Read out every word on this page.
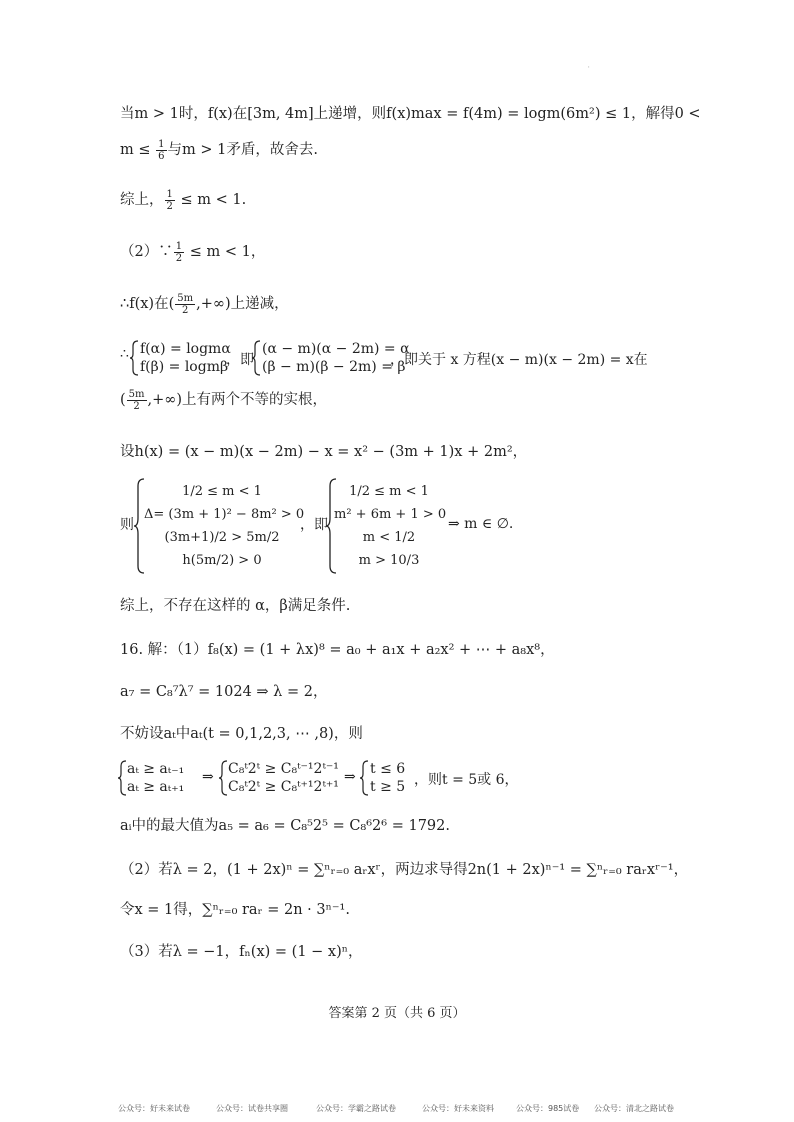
'
当m > 1时，f(x)在[3m, 4m]上递增，则f(x)max = f(4m) = logm(6m²) ≤ 1，解得0 <
$m \le \frac{1}{6}$ 与m > 1矛盾，故舍去.
综上， $\frac{1}{2} \le m < 1$.
（2）∵ $\frac{1}{2} \le m < 1$，
∴f(x)在( $\frac{5m}{2}$ ,+∞)上递减，
∴ f(α) = logmα
f(β) = logmβ
，即
(α − m)(α − 2m) = α
(β − m)(β − 2m) = β
，即关于 x 方程(x − m)(x − 2m) = x在
( $\frac{5m}{2}$ ,+∞)上有两个不等的实根，
设h(x) = (x − m)(x − 2m) − x = x² − (3m + 1)x + 2m²，
则
1/2 ≤ m < 1
Δ= (3m + 1)² − 8m² > 0
(3m+1)/2 > 5m/2
h(5m/2) > 0
，即
1/2 ≤ m < 1
m² + 6m + 1 > 0
m < 1/2
m > 10/3
⇒ m ∈ ∅.
综上，不存在这样的 α，β满足条件.
16. 解：（1）f₈(x) = (1 + λx)⁸ = a₀ + a₁x + a₂x² + ⋯ + a₈x⁸，
a₇ = C₈⁷λ⁷ = 1024 ⇒ λ = 2，
不妨设aₜ中aₜ(t = 0,1,2,3, ⋯ ,8)，则
aₜ ≥ aₜ₋₁
aₜ ≥ aₜ₊₁
⇒ C₈ᵗ2ᵗ ≥ C₈ᵗ⁻¹2ᵗ⁻¹
C₈ᵗ2ᵗ ≥ C₈ᵗ⁺¹2ᵗ⁺¹
⇒ t ≤ 6
t ≥ 5 ，则t = 5或 6，
aᵢ中的最大值为a₅ = a₆ = C₈⁵2⁵ = C₈⁶2⁶ = 1792.
（2）若λ = 2，(1 + 2x)ⁿ = ∑ⁿᵣ₌₀ aᵣxʳ，两边求导得2n(1 + 2x)ⁿ⁻¹ = ∑ⁿᵣ₌₀ raᵣxʳ⁻¹，
令x = 1得，∑ⁿᵣ₌₀ raᵣ = 2n · 3ⁿ⁻¹.
（3）若λ = −1，fₙ(x) = (1 − x)ⁿ，
答案第 2 页（共 6 页）
公众号：好未来试卷	公众号：试卷共享圈	公众号：学霸之路试卷	公众号：好未来资料	公众号：985试卷 公众号：清北之路试卷
